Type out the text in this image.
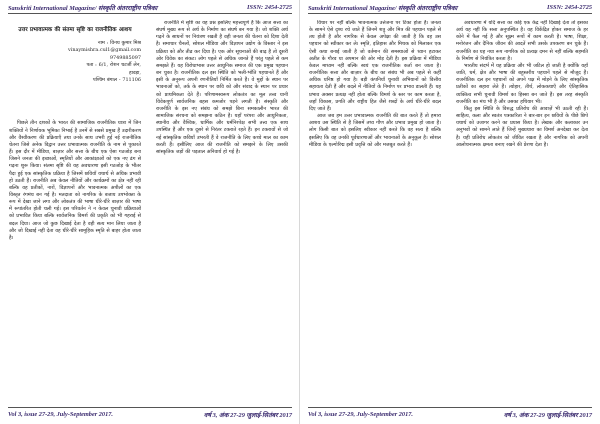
Sanskriti International Magazine/ संस्कृति अंतरराष्ट्रीय पत्रिका	ISSN: 2454-2725
उत्तर प्रभावात्मक की संतमा सृष्टि का राजनीतिक आशय
नाम : विनय कुमार मिश्र
vinaymishra.cul1@gmail.com
9749885097
पता : 6/1, रोशन चटर्जी लेन,
हावड़ा,
पश्चिम बंगाल - 711106

पिछले तीन दशकों के भारत की सामाजिक राजनीतिक यात्रा में जिन शक्तियों ने निर्णायक भूमिका निभाई है उनमें से सबसे प्रमुख हैं उदारीकरण और वैश्वीकरण की प्रक्रियाएँ तथा उनके साथ उभरी हुई नई राजनीतिक चेतना जिसे अनेक विद्वान उत्तर प्रभावात्मक राजनीति के नाम से पुकारते हैं। इस दौर में मीडिया, बाज़ार और सत्ता के बीच एक ऐसा गठजोड़ बना जिसने जनता की इच्छाओं, स्मृतियों और आकांक्षाओं को एक नए ढंग से गढ़ना शुरू किया। संतमा सृष्टि की यह अवधारणा इसी गठजोड़ के भीतर पैदा हुई एक सांस्कृतिक प्रक्रिया है जिसमें छवियाँ यथार्थ से अधिक प्रभावी हो उठती हैं। राजनीति अब केवल नीतियों और कार्यक्रमों का क्षेत्र नहीं रही बल्कि वह प्रतीकों, नारों, विज्ञापनों और भावनात्मक अपीलों का एक विस्तृत रंगमंच बन गई है। मतदाता को नागरिक के बजाय उपभोक्ता के रूप में देखा जाने लगा और लोकतंत्र की भाषा धीरे-धीरे बाज़ार की भाषा में रूपांतरित होती चली गई। इस परिवर्तन ने न केवल चुनावी प्रक्रियाओं को प्रभावित किया बल्कि सार्वजनिक विमर्श की प्रकृति को भी गहराई से बदल दिया। आज जो कुछ दिखाई देता है वही सत्य मान लिया जाता है और जो दिखाई नहीं देता वह धीरे-धीरे सामूहिक स्मृति से बाहर होता जाता है।

राजनीति में सृष्टि का यह प्रश्न इसलिए महत्त्वपूर्ण है कि आज सत्ता का संघर्ष मुख्य रूप से अर्थ के निर्माण का संघर्ष बन गया है। जो शक्ति अर्थ गढ़ने के साधनों पर नियंत्रण रखती है वही जनता की चेतना को दिशा देती है। समाचार चैनलों, सोशल मीडिया और विज्ञापन उद्योग के विस्तार ने इस प्रक्रिया को और तीव्र कर दिया है। एक ओर सूचनाओं की बाढ़ है तो दूसरी ओर विवेक का संकट। लोग पहले से अधिक जानते हैं परंतु पहले से कम समझते हैं। यह विरोधाभास उत्तर आधुनिक समाज की एक प्रमुख पहचान बन चुका है। राजनीतिक दल इस स्थिति को भली-भाँति पहचानते हैं और इसी के अनुरूप अपनी रणनीतियाँ निर्मित करते हैं। वे मुद्दों के स्थान पर भावनाओं को, तर्क के स्थान पर छवि को और संवाद के स्थान पर प्रचार को प्राथमिकता देते हैं। परिणामस्वरूप लोकतंत्र का मूल तत्त्व यानी विवेकपूर्ण सार्वजनिक बहस कमजोर पड़ने लगती है। संस्कृति और राजनीति के इस नए संबंध को समझे बिना समकालीन भारत की सामाजिक संरचना को समझना कठिन है। यहाँ परंपरा और आधुनिकता, स्थानीय और वैश्विक, धार्मिक और धर्मनिरपेक्ष सभी तत्त्व एक साथ उपस्थित हैं और एक दूसरे से निरंतर टकराते रहते हैं। इन टकरावों से जो नई सांस्कृतिक छवियाँ उभरती हैं वे राजनीति के लिए कच्चे माल का काम करती हैं। इसीलिए आज की राजनीति को समझने के लिए उसकी सांस्कृतिक जड़ों की पड़ताल अनिवार्य हो गई है।

Vol 3, issue 27-29, July-September 2017.	वर्ष 3, अंक 27-29 जुलाई-सितंबर 2017
Sanskriti International Magazine/ संस्कृति अंतरराष्ट्रीय पत्रिका	ISSN: 2454-2725

विचार पर नहीं बल्कि भावनात्मक उत्तेजना पर टिका होता है। जनता के सामने ऐसे दृश्य रचे जाते हैं जिनमें शत्रु और मित्र की पहचान पहले से तय होती है और नागरिक से केवल अपेक्षा की जाती है कि वह उस पहचान को स्वीकार कर ले। स्मृति, इतिहास और मिथक को मिलाकर एक ऐसी कथा बनाई जाती है जो वर्तमान की समस्याओं से ध्यान हटाकर अतीत के गौरव या अपमान की ओर मोड़ देती है। इस प्रक्रिया में मीडिया केवल माध्यम नहीं बल्कि स्वयं एक राजनीतिक कर्ता बन जाता है। राजनीतिक सत्ता और बाज़ार के बीच का संबंध भी अब पहले से कहीं अधिक घनिष्ठ हो गया है। बड़ी कंपनियाँ चुनावी अभियानों को वित्तीय सहायता देती हैं और बदले में नीतियों के निर्माण पर प्रभाव डालती हैं। यह प्रभाव अक्सर प्रत्यक्ष नहीं होता बल्कि विमर्श के स्तर पर काम करता है, जहाँ विकास, प्रगति और राष्ट्रीय हित जैसे शब्दों के अर्थ धीरे-धीरे बदल दिए जाते हैं।

आज जब हम उत्तर प्रभावात्मक राजनीति की बात करते हैं तो हमारा आशय उस स्थिति से है जिसमें तथ्य गौण और प्रभाव प्रमुख हो जाता है। लोग किसी बात को इसलिए स्वीकार नहीं करते कि वह सत्य है बल्कि इसलिए कि वह उनकी पूर्वधारणाओं और भावनाओं के अनुकूल है। सोशल मीडिया के एल्गोरिद्म इसी प्रवृत्ति को और मजबूत करते हैं।

अवधारणा में यदि सत्ता का कोई एक केंद्र नहीं दिखाई देता तो इसका अर्थ यह नहीं कि सत्ता अनुपस्थित है। वह विकेंद्रित होकर समाज के हर कोने में फैल गई है और सूक्ष्म रूपों में काम करती है। भाषा, शिक्षा, मनोरंजन और दैनिक जीवन की आदतें सभी उसके उपकरण बन चुके हैं। राजनीति का यह नया रूप नागरिक को प्रत्यक्ष दमन से नहीं बल्कि सहमति के निर्माण से नियंत्रित करता है।

भारतीय संदर्भ में यह प्रक्रिया और भी जटिल हो जाती है क्योंकि यहाँ जाति, धर्म, क्षेत्र और भाषा की बहुस्तरीय पहचानें पहले से मौजूद हैं। राजनीतिक दल इन पहचानों को अपने पक्ष में मोड़ने के लिए सांस्कृतिक प्रतीकों का सहारा लेते हैं। त्योहार, तीर्थ, लोककथाएँ और ऐतिहासिक व्यक्तित्व सभी चुनावी विमर्श का हिस्सा बन जाते हैं। इस तरह संस्कृति राजनीति का मंच भी है और उसका हथियार भी।

किंतु इस स्थिति के विरुद्ध प्रतिरोध की आवाज़ें भी उठती रही हैं। साहित्य, कला और स्वतंत्र पत्रकारिता ने बार-बार इन छवियों के पीछे छिपे यथार्थ को उजागर करने का प्रयास किया है। लेखक और कलाकार उन अनुभवों को सामने लाते हैं जिन्हें मुख्यधारा का विमर्श अनदेखा कर देता है। यही प्रतिरोध लोकतंत्र को जीवित रखता है और नागरिक को अपनी आलोचनात्मक क्षमता बनाए रखने की प्रेरणा देता है।

Vol 3, issue 27-29, July-September 2017.	वर्ष 3, अंक 27-29 जुलाई-सितंबर 2017
